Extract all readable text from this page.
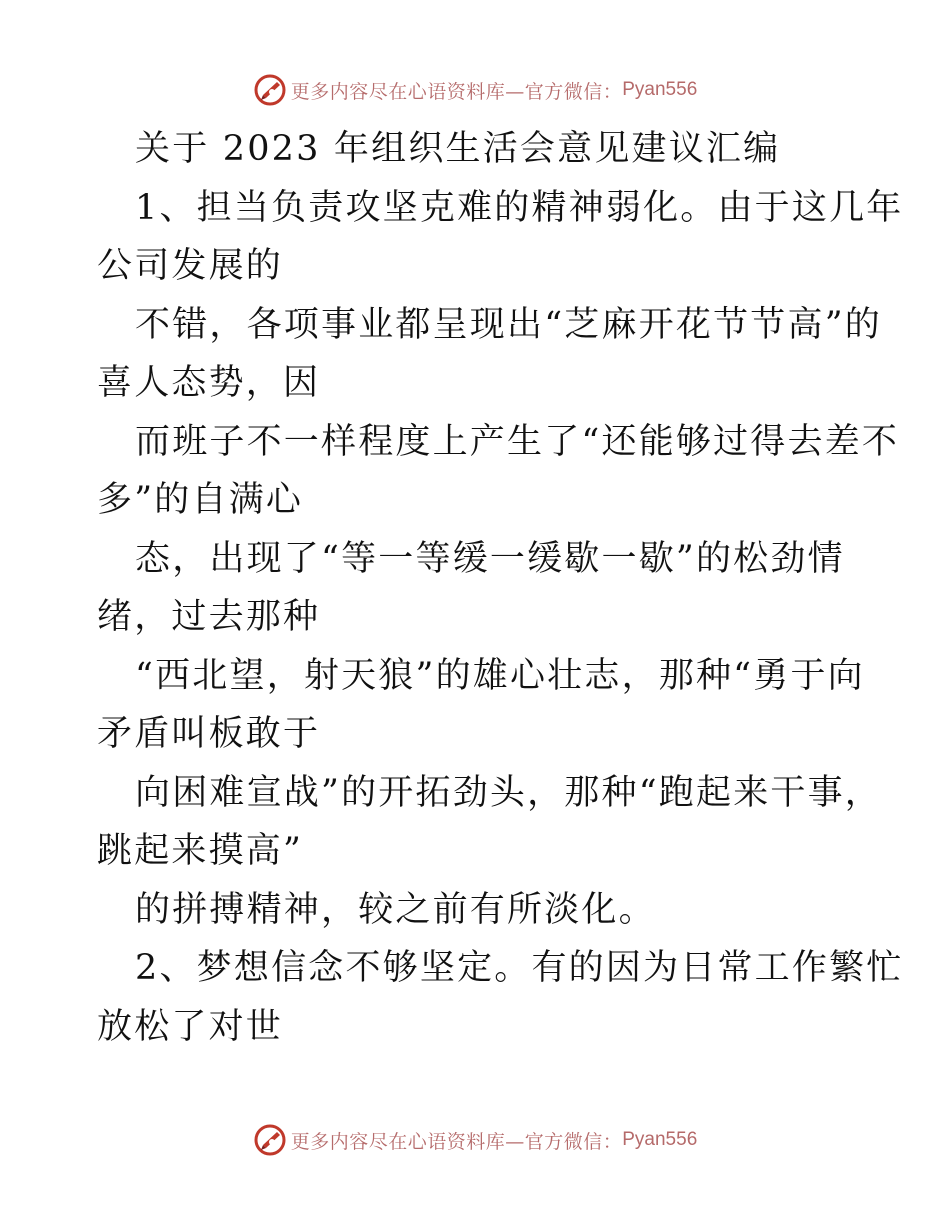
更多内容尽在心语资料库—官方微信： Pyan556
关于 2023 年组织生活会意见建议汇编
1、担当负责攻坚克难的精神弱化。由于这几年
公司发展的
不错，各项事业都呈现出“芝麻开花节节高”的
喜人态势，因
而班子不一样程度上产生了“还能够过得去差不
多”的自满心
态，出现了“等一等缓一缓歇一歇”的松劲情
绪，过去那种
“西北望，射天狼”的雄心壮志，那种“勇于向
矛盾叫板敢于
向困难宣战”的开拓劲头，那种“跑起来干事，
跳起来摸高”
的拼搏精神，较之前有所淡化。
2、梦想信念不够坚定。有的因为日常工作繁忙
放松了对世
更多内容尽在心语资料库—官方微信： Pyan556
